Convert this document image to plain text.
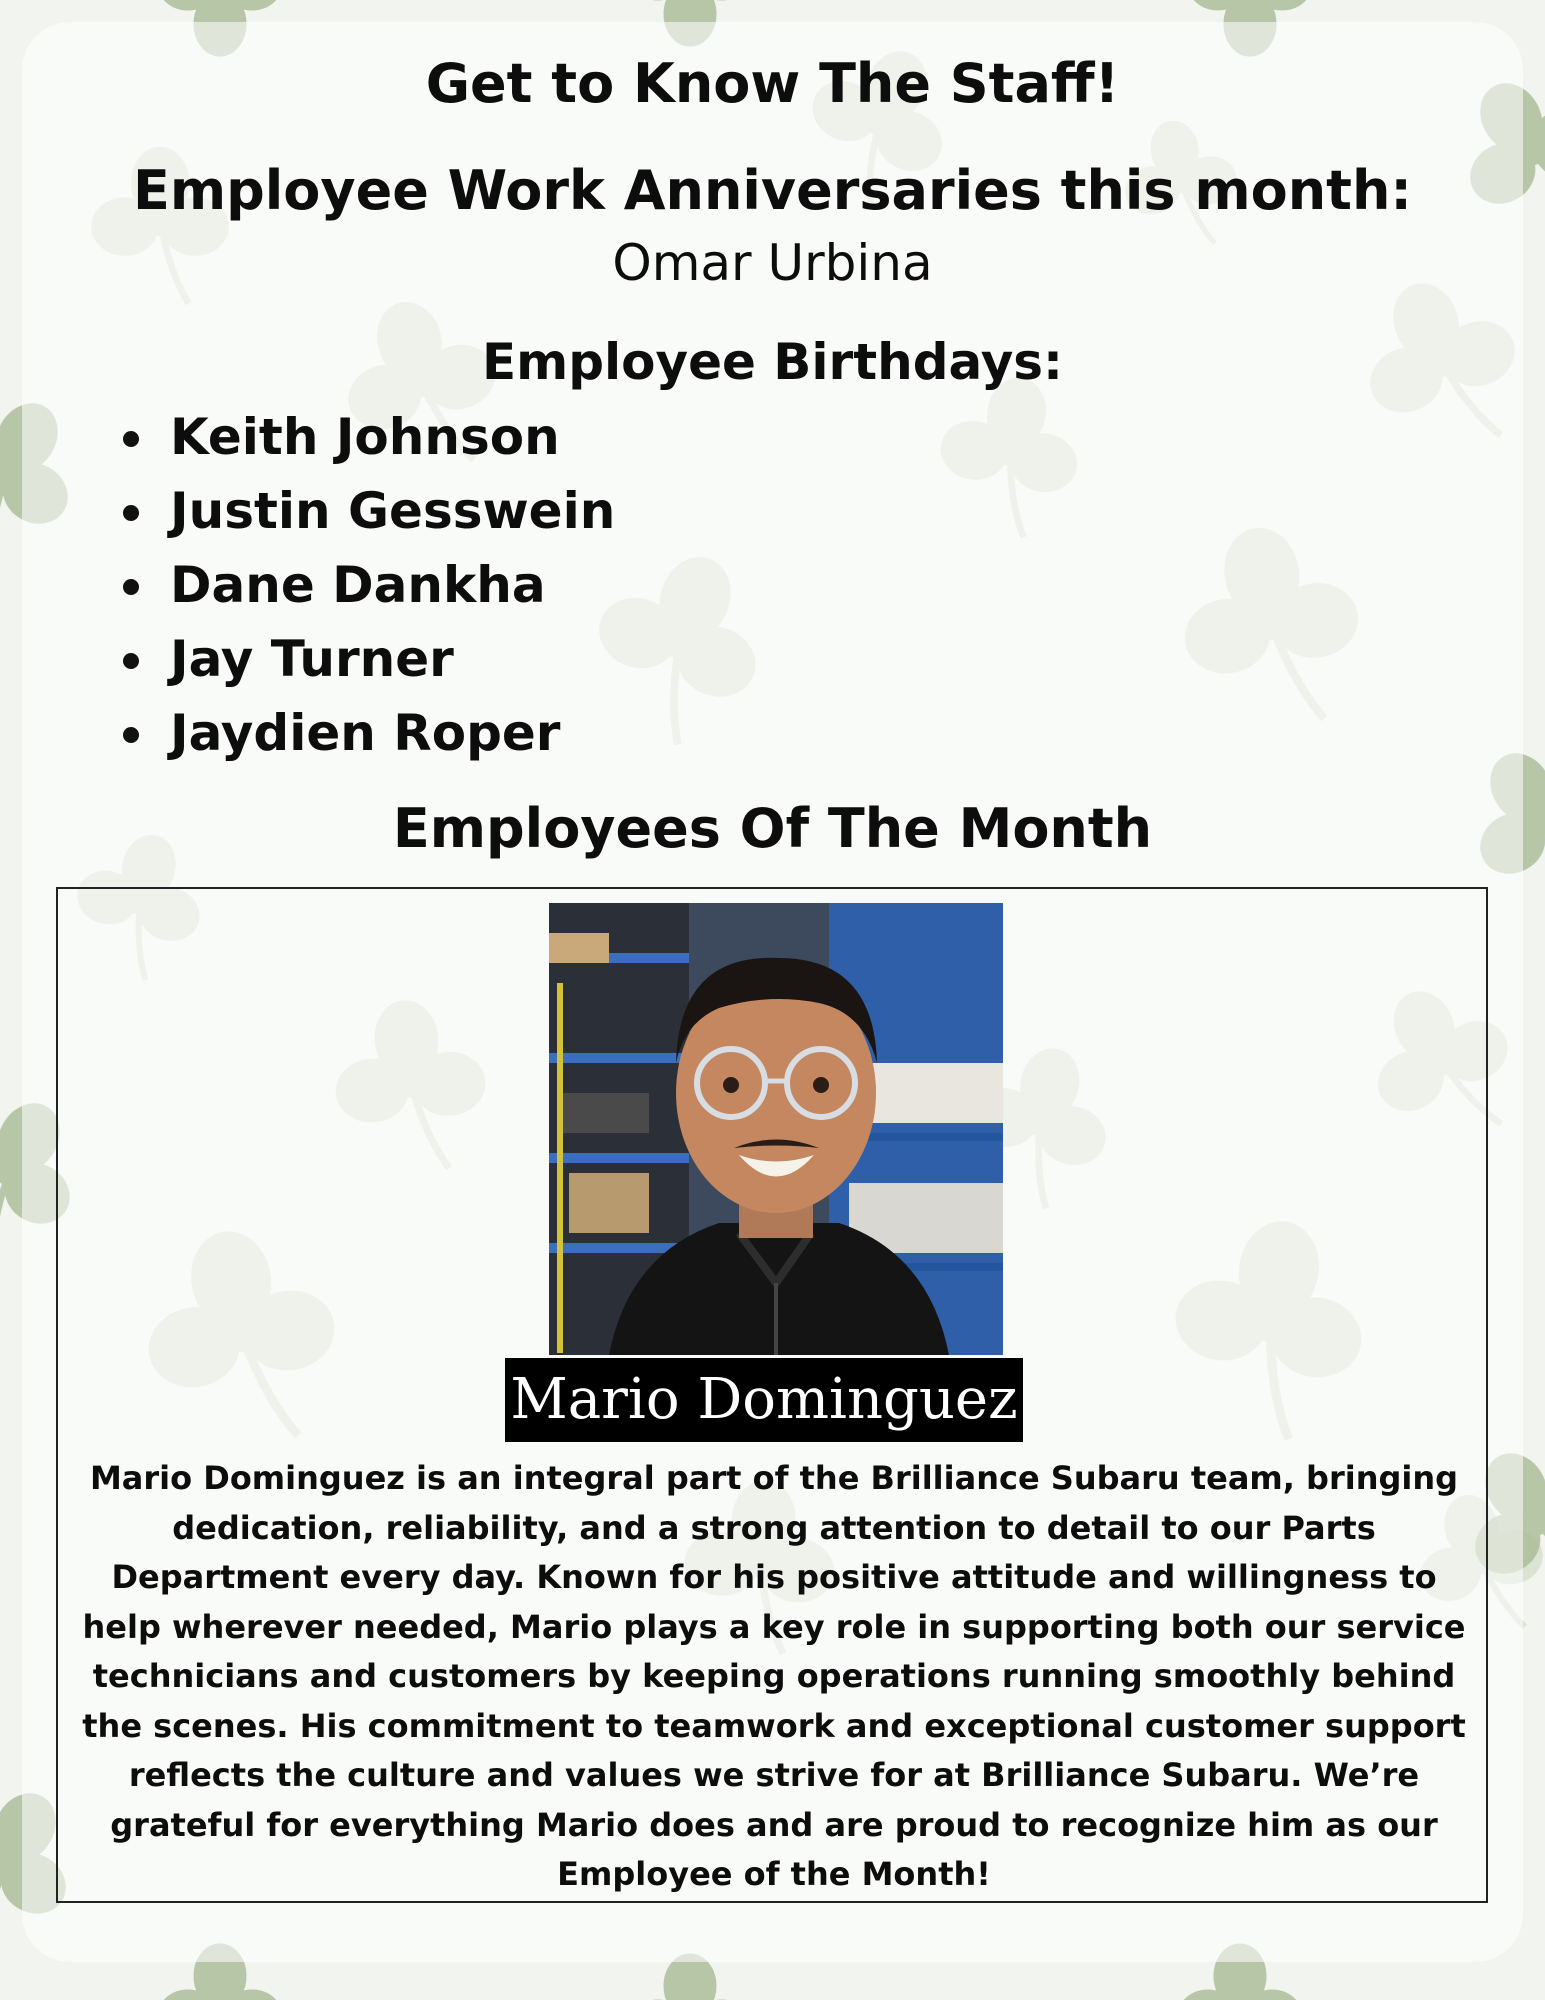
Get to Know The Staff!
Employee Work Anniversaries this month:
Omar Urbina
Employee Birthdays:
Keith Johnson
Justin Gesswein
Dane Dankha
Jay Turner
Jaydien Roper
Employees Of The Month
Mario Dominguez

Mario Dominguez is an integral part of the Brilliance Subaru team, bringing dedication, reliability, and a strong attention to detail to our Parts Department every day. Known for his positive attitude and willingness to help wherever needed, Mario plays a key role in supporting both our service technicians and customers by keeping operations running smoothly behind the scenes. His commitment to teamwork and exceptional customer support reflects the culture and values we strive for at Brilliance Subaru. We’re grateful for everything Mario does and are proud to recognize him as our Employee of the Month!
